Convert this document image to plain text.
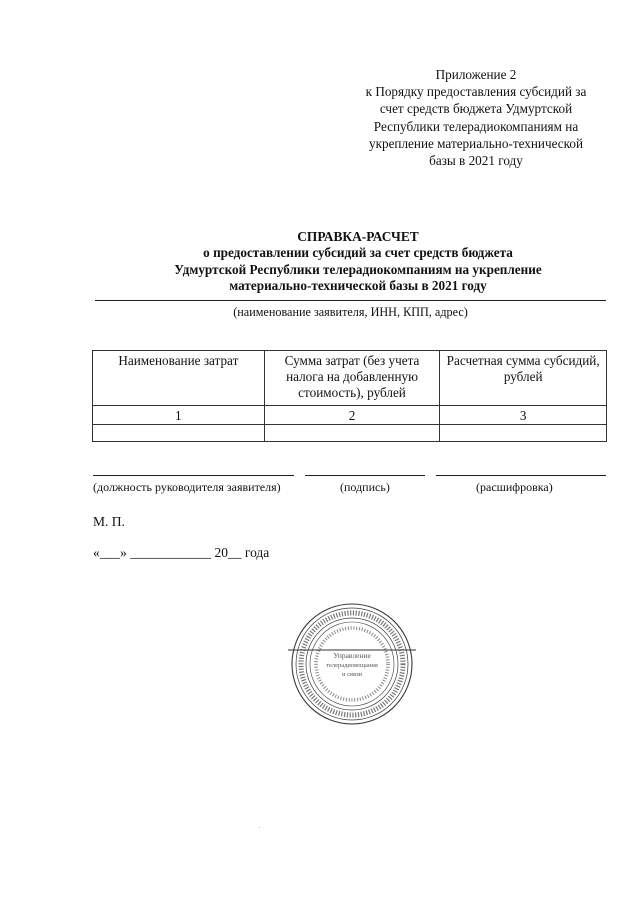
Приложение 2
к Порядку предоставления субсидий за
счет средств бюджета Удмуртской
Республики телерадиокомпаниям на
укрепление материально-технической
базы в 2021 году
СПРАВКА-РАСЧЕТ
о предоставлении субсидий за счет средств бюджета
Удмуртской Республики телерадиокомпаниям на укрепление
материально-технической базы в 2021 году
(наименование заявителя, ИНН, КПП, адрес)
Наименование затрат	Сумма затрат (без учета налога на добавленную стоимость), рублей	Расчетная сумма субсидий, рублей
1	2	3

(должность руководителя заявителя)	(подпись)	(расшифровка)
М. П.
«___» ____________ 20__ года
Управление
телерадиовещания
и связи
